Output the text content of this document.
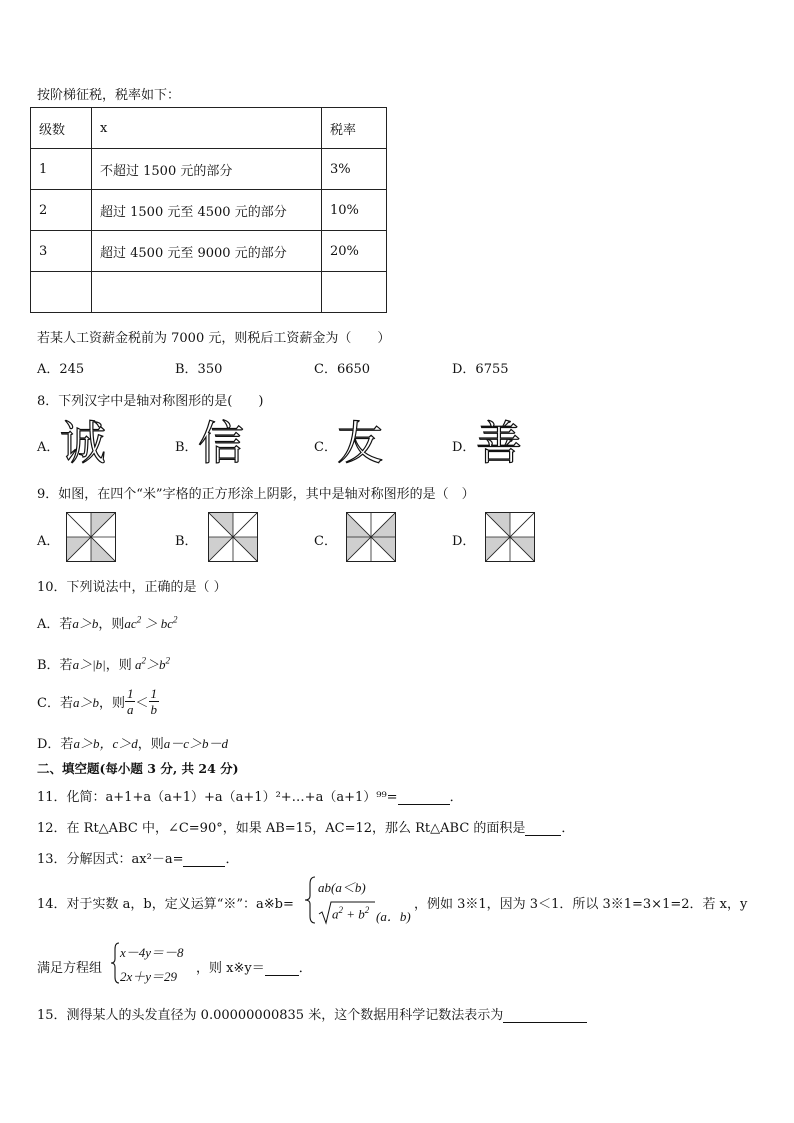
按阶梯征税，税率如下：
级数	x	税率
1	不超过 1500 元的部分	3%
2	超过 1500 元至 4500 元的部分	10%
3	超过 4500 元至 9000 元的部分	20%

若某人工资薪金税前为 7000 元，则税后工资薪金为（　　）
A．245	B．350	C．6650	D．6755
8．下列汉字中是轴对称图形的是(　　)
A． 诚	B． 信	C． 友	D． 善
9．如图，在四个“米”字格的正方形涂上阴影，其中是轴对称图形的是（　）
A．	B．	C．	D．
10．下列说法中，正确的是（ ）
A．若a＞b，则$ac^2 > bc^2$
B．若a＞|b|，则 $a^2>b^2$
C．若a＞b，则 $\frac{1}{a} < \frac{1}{b}$
D．若a＞b，c＞d，则a－c＞b－d
二、填空题(每小题 3 分, 共 24 分)
11．化简：a+1+a（a+1）+a（a+1）²+…+a（a+1）⁹⁹=	．
12．在 Rt△ABC 中，∠C=90°，如果 AB=15，AC=12，那么 Rt△ABC 的面积是	．
13．分解因式：ax²－a=	．
14．对于实数 a，b，定义运算“※”：a※b=
ab(a＜b)
$a^2 + b^2$ (a．b)
，例如 3※1，因为 3＜1．所以 3※1=3×1=2．若 x，y
满足方程组
x－4y＝－8
2x＋y＝29
，则 x※y＝	．
15．测得某人的头发直径为 0.00000000835 米，这个数据用科学记数法表示为
